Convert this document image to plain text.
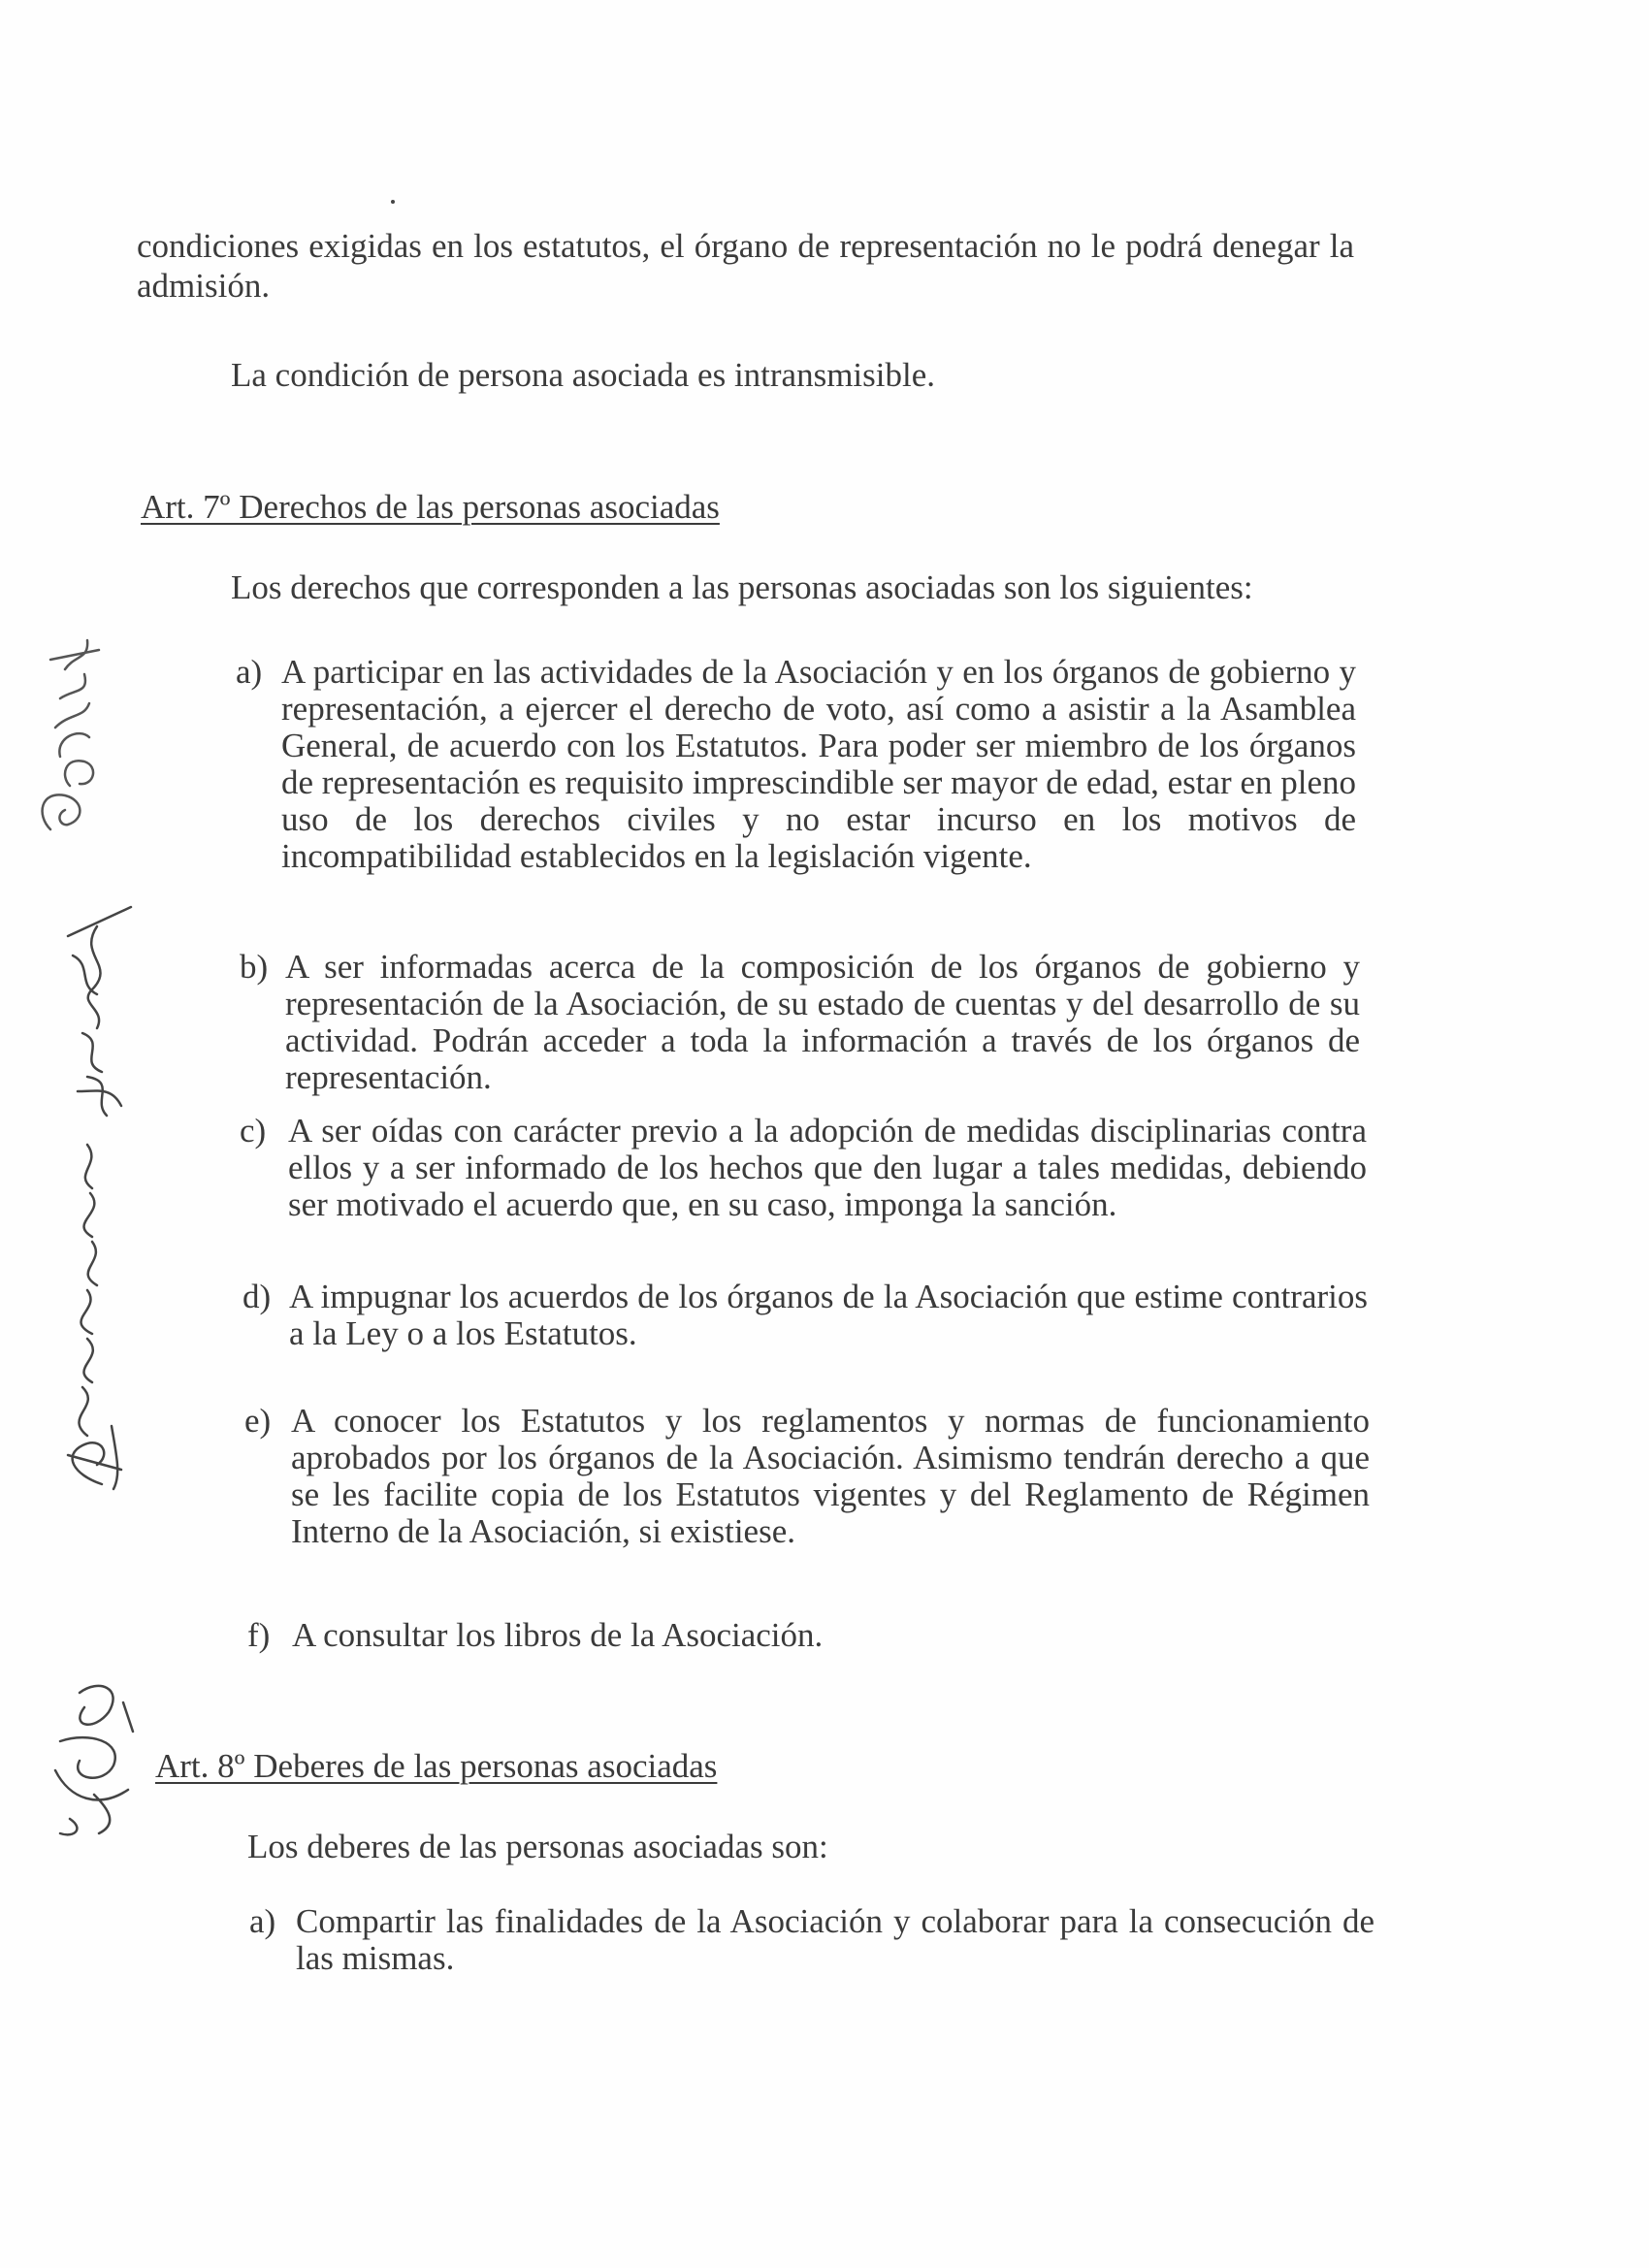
condiciones exigidas en los estatutos, el órgano de representación no le podrá denegar la admisión.
La condición de persona asociada es intransmisible.
Art. 7º Derechos de las personas asociadas
Los derechos que corresponden a las personas asociadas son los siguientes:
a) A participar en las actividades de la Asociación y en los órganos de gobierno y representación, a ejercer el derecho de voto, así como a asistir a la Asamblea General, de acuerdo con los Estatutos. Para poder ser miembro de los órganos de representación es requisito imprescindible ser mayor de edad, estar en pleno uso de los derechos civiles y no estar incurso en los motivos de incompatibilidad establecidos en la legislación vigente.
b) A ser informadas acerca de la composición de los órganos de gobierno y representación de la Asociación, de su estado de cuentas y del desarrollo de su actividad. Podrán acceder a toda la información a través de los órganos de representación.
c) A ser oídas con carácter previo a la adopción de medidas disciplinarias contra ellos y a ser informado de los hechos que den lugar a tales medidas, debiendo ser motivado el acuerdo que, en su caso, imponga la sanción.
d) A impugnar los acuerdos de los órganos de la Asociación que estime contrarios a la Ley o a los Estatutos.
e) A conocer los Estatutos y los reglamentos y normas de funcionamiento aprobados por los órganos de la Asociación. Asimismo tendrán derecho a que se les facilite copia de los Estatutos vigentes y del Reglamento de Régimen Interno de la Asociación, si existiese.
f) A consultar los libros de la Asociación.
Art. 8º Deberes de las personas asociadas
Los deberes de las personas asociadas son:
a) Compartir las finalidades de la Asociación y colaborar para la consecución de las mismas.
